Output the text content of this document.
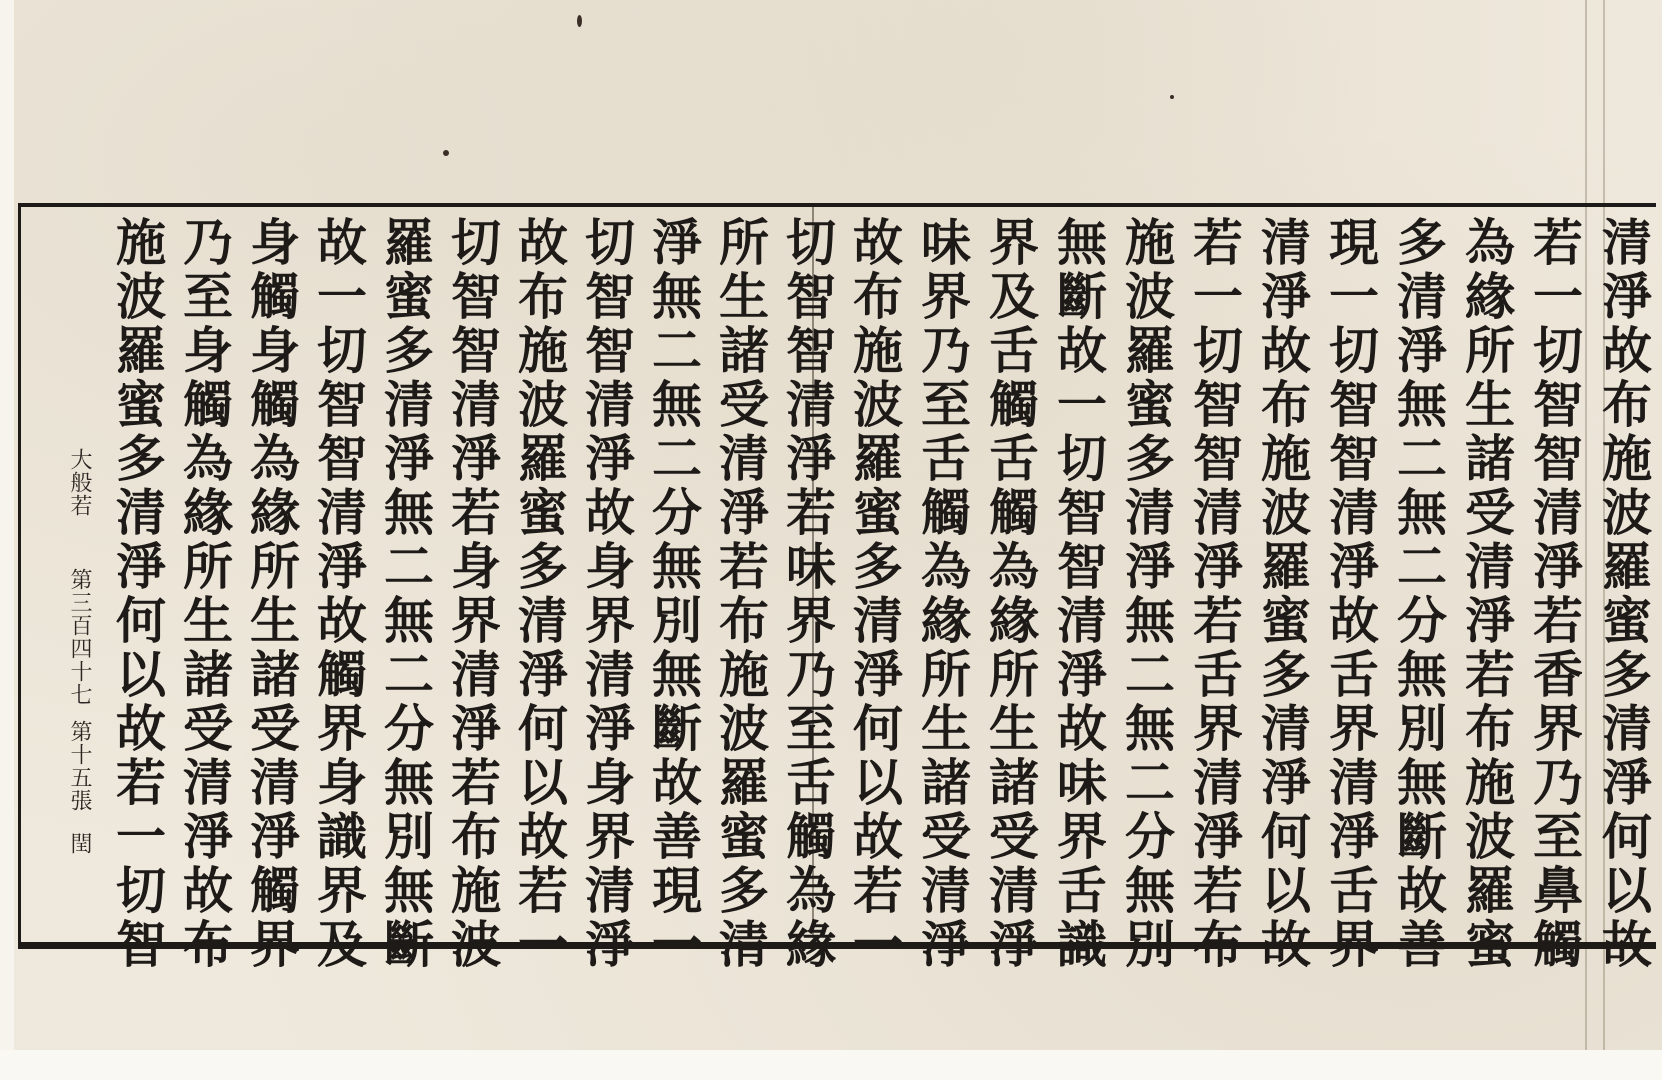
清淨故布施波羅蜜多清淨何以故
若一切智智清淨若香界乃至鼻觸
為緣所生諸受清淨若布施波羅蜜
多清淨無二無二分無別無斷故善
現一切智智清淨故舌界清淨舌界
清淨故布施波羅蜜多清淨何以故
若一切智智清淨若舌界清淨若布
施波羅蜜多清淨無二無二分無別
無斷故一切智智清淨故味界舌識
界及舌觸舌觸為緣所生諸受清淨
味界乃至舌觸為緣所生諸受清淨
故布施波羅蜜多清淨何以故若一
切智智清淨若味界乃至舌觸為緣
所生諸受清淨若布施波羅蜜多清
淨無二無二分無別無斷故善現一
切智智清淨故身界清淨身界清淨
故布施波羅蜜多清淨何以故若一
切智智清淨若身界清淨若布施波
羅蜜多清淨無二無二分無別無斷
故一切智智清淨故觸界身識界及
身觸身觸為緣所生諸受清淨觸界
乃至身觸為緣所生諸受清淨故布
施波羅蜜多清淨何以故若一切智
大般若
第三百四十七
第十五張
閏
